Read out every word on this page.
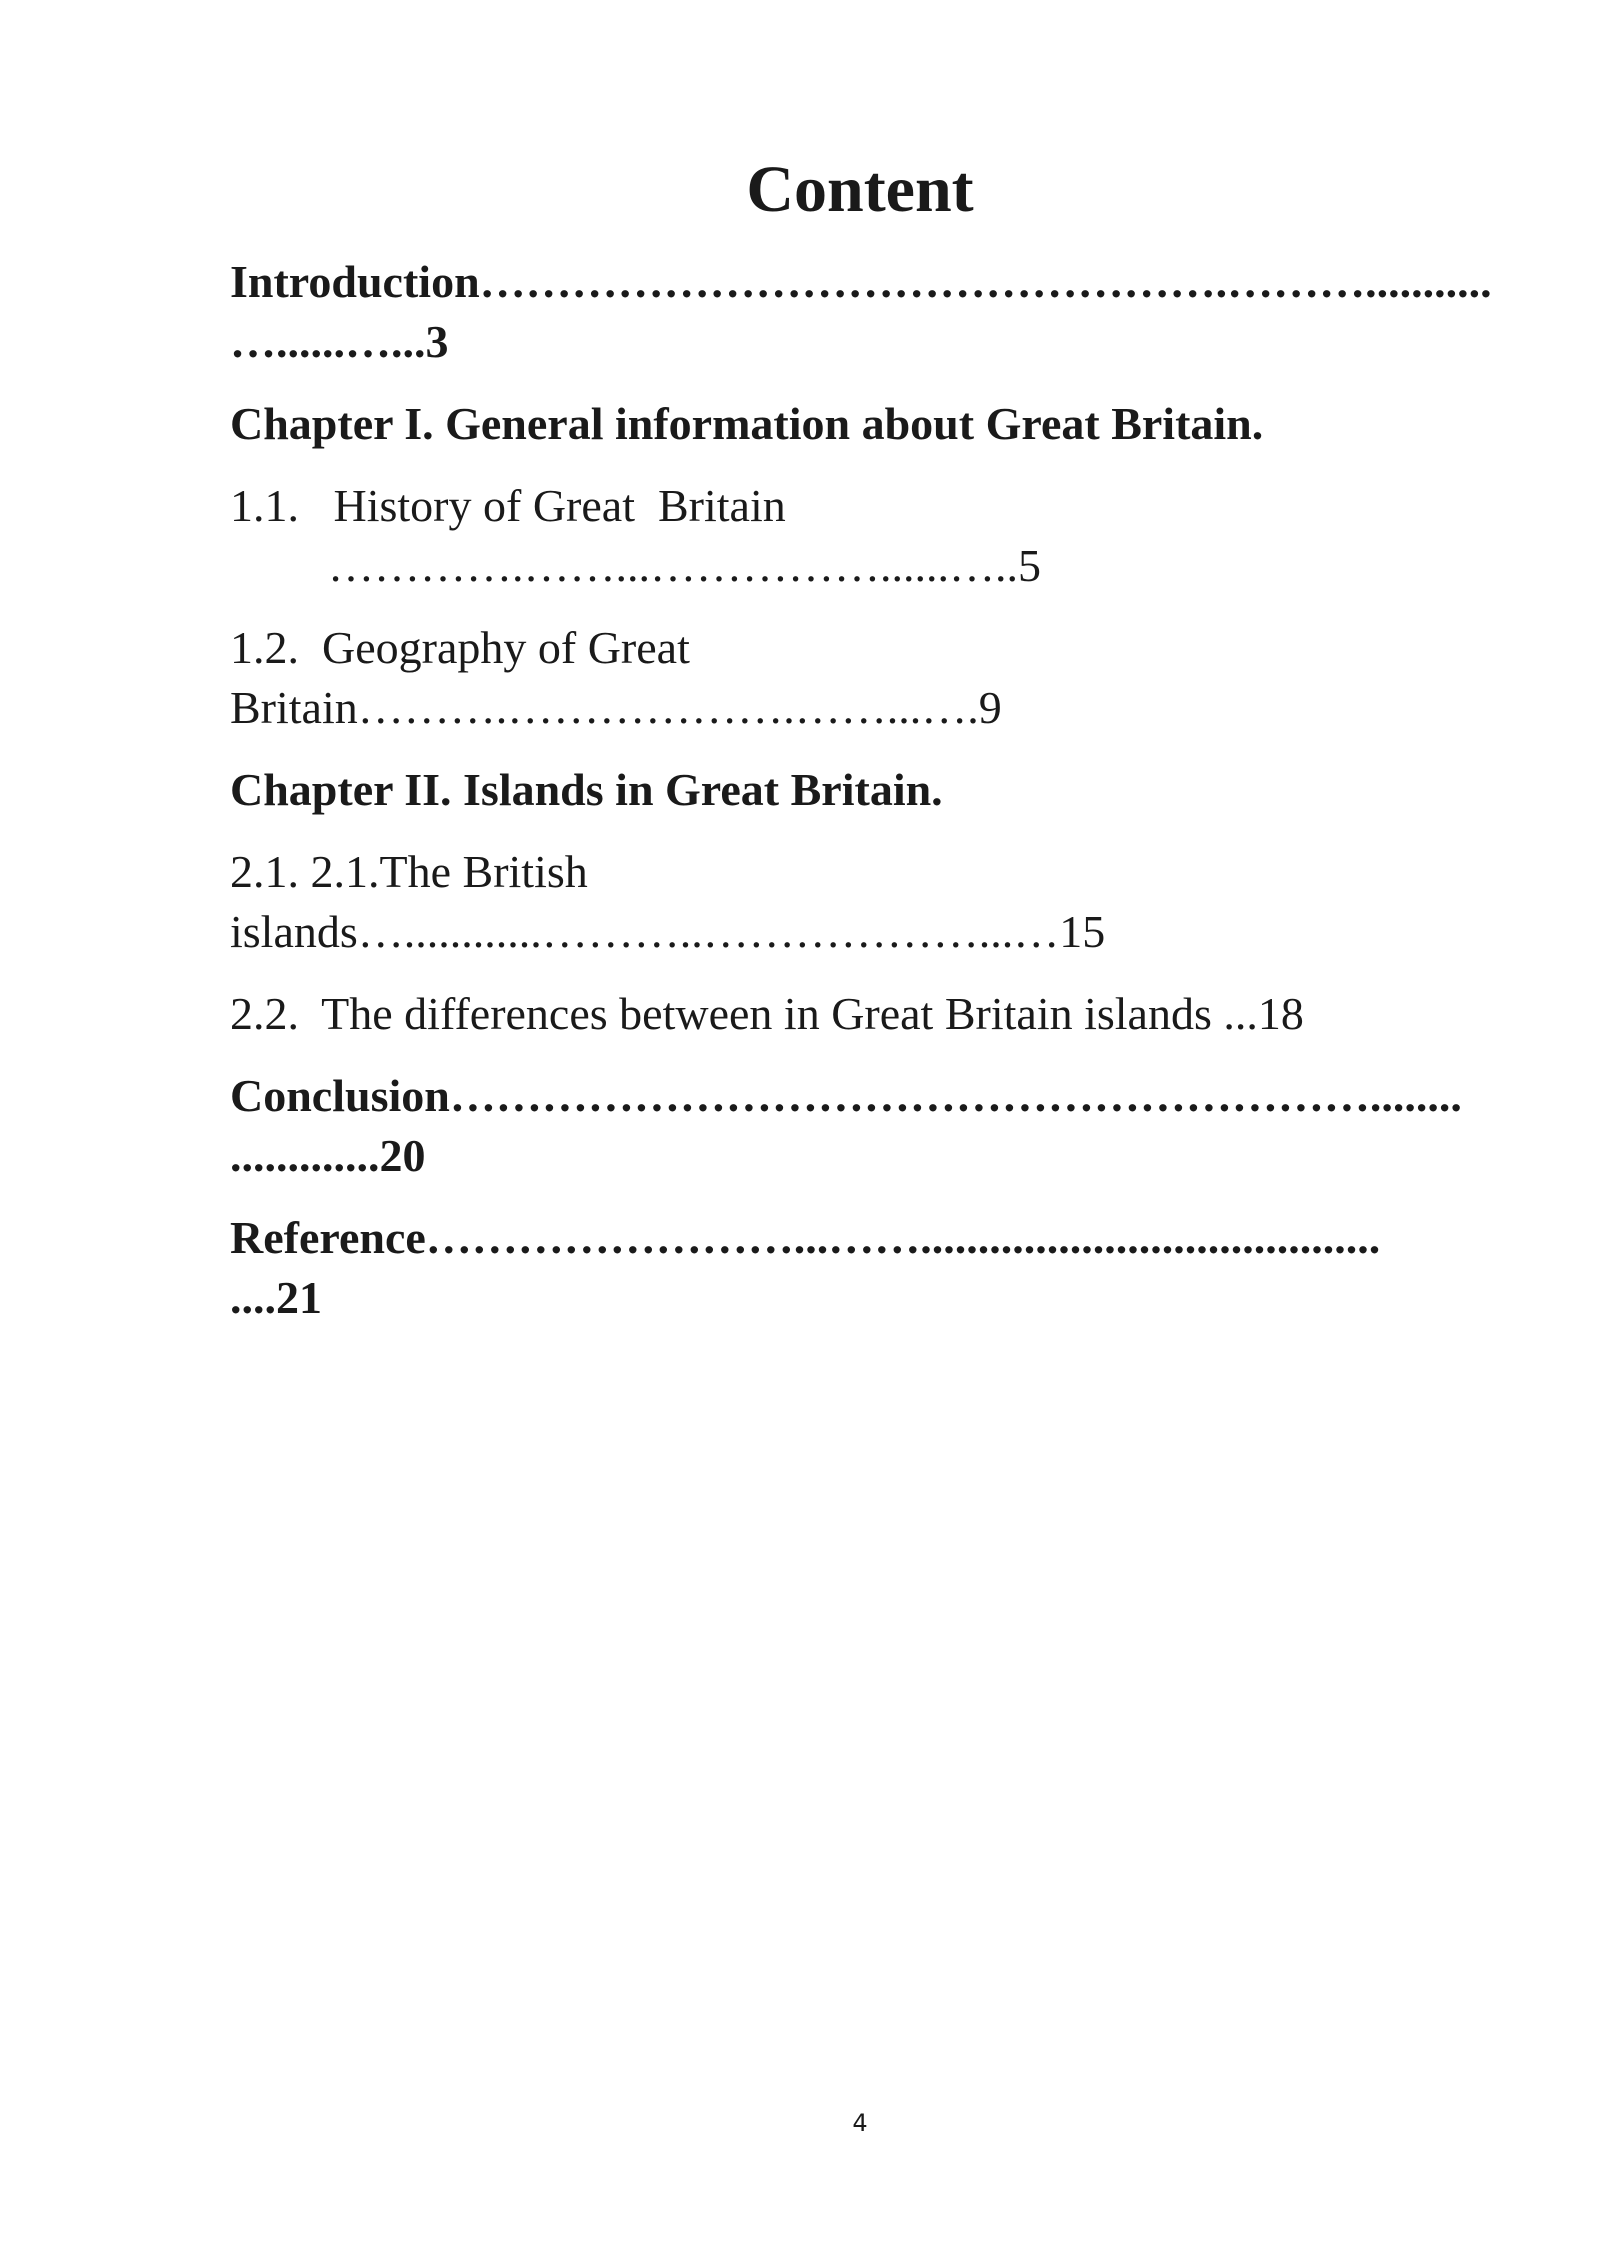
Content
Introduction………………………………………….………...........
…......…...3
Chapter I. General information about Great Britain.
1.1.   History of Great  Britain
………….……...……………......…..5
1.2.  Geography of Great
Britain……….……………….……...….9
Chapter II. Islands in Great Britain.
2.1. 2.1.The British
islands…............………..………………...…15
2.2.  The differences between in Great Britain islands ...18
Conclusion……………………………………………………........
.............20
Reference……………………...……........................................
....21
4
